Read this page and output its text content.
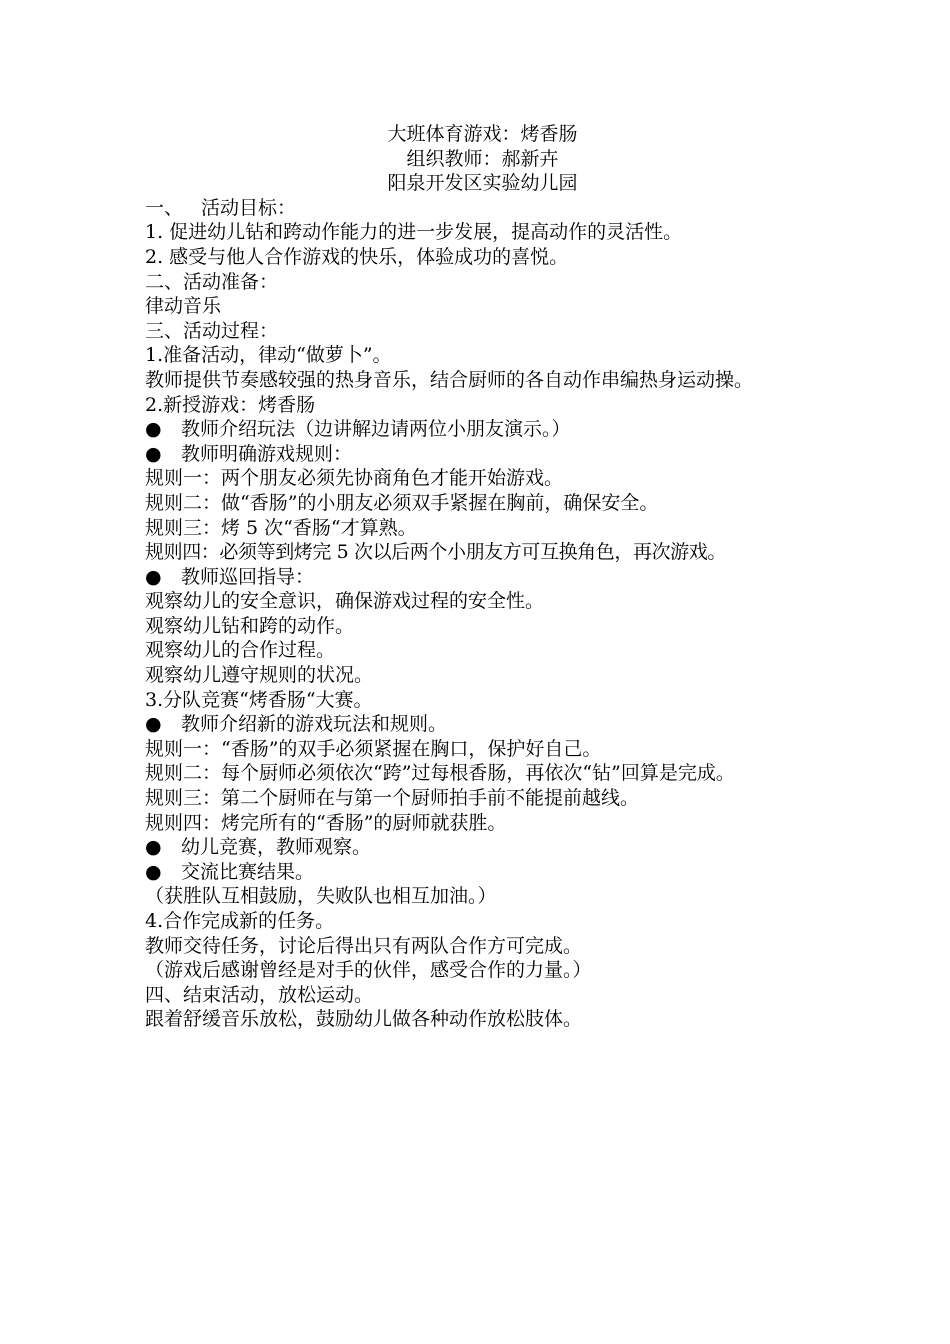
大班体育游戏：烤香肠
组织教师：郝新卉
阳泉开发区实验幼儿园
一、 活动目标：
1. 促进幼儿钻和跨动作能力的进一步发展，提高动作的灵活性。
2. 感受与他人合作游戏的快乐，体验成功的喜悦。
二、活动准备：
律动音乐
三、活动过程：
1.准备活动，律动“做萝卜”。
教师提供节奏感较强的热身音乐，结合厨师的各自动作串编热身运动操。
2.新授游戏：烤香肠
● 教师介绍玩法（边讲解边请两位小朋友演示。）
● 教师明确游戏规则：
规则一：两个朋友必须先协商角色才能开始游戏。
规则二：做“香肠”的小朋友必须双手紧握在胸前，确保安全。
规则三：烤 5 次“香肠“才算熟。
规则四：必须等到烤完 5 次以后两个小朋友方可互换角色，再次游戏。
● 教师巡回指导：
观察幼儿的安全意识，确保游戏过程的安全性。
观察幼儿钻和跨的动作。
观察幼儿的合作过程。
观察幼儿遵守规则的状况。
3.分队竞赛“烤香肠“大赛。
● 教师介绍新的游戏玩法和规则。
规则一：“香肠”的双手必须紧握在胸口，保护好自己。
规则二：每个厨师必须依次“跨”过每根香肠，再依次“钻”回算是完成。
规则三：第二个厨师在与第一个厨师拍手前不能提前越线。
规则四：烤完所有的“香肠”的厨师就获胜。
● 幼儿竞赛，教师观察。
● 交流比赛结果。
（获胜队互相鼓励，失败队也相互加油。）
4.合作完成新的任务。
教师交待任务，讨论后得出只有两队合作方可完成。
（游戏后感谢曾经是对手的伙伴，感受合作的力量。）
四、结束活动，放松运动。
跟着舒缓音乐放松，鼓励幼儿做各种动作放松肢体。
